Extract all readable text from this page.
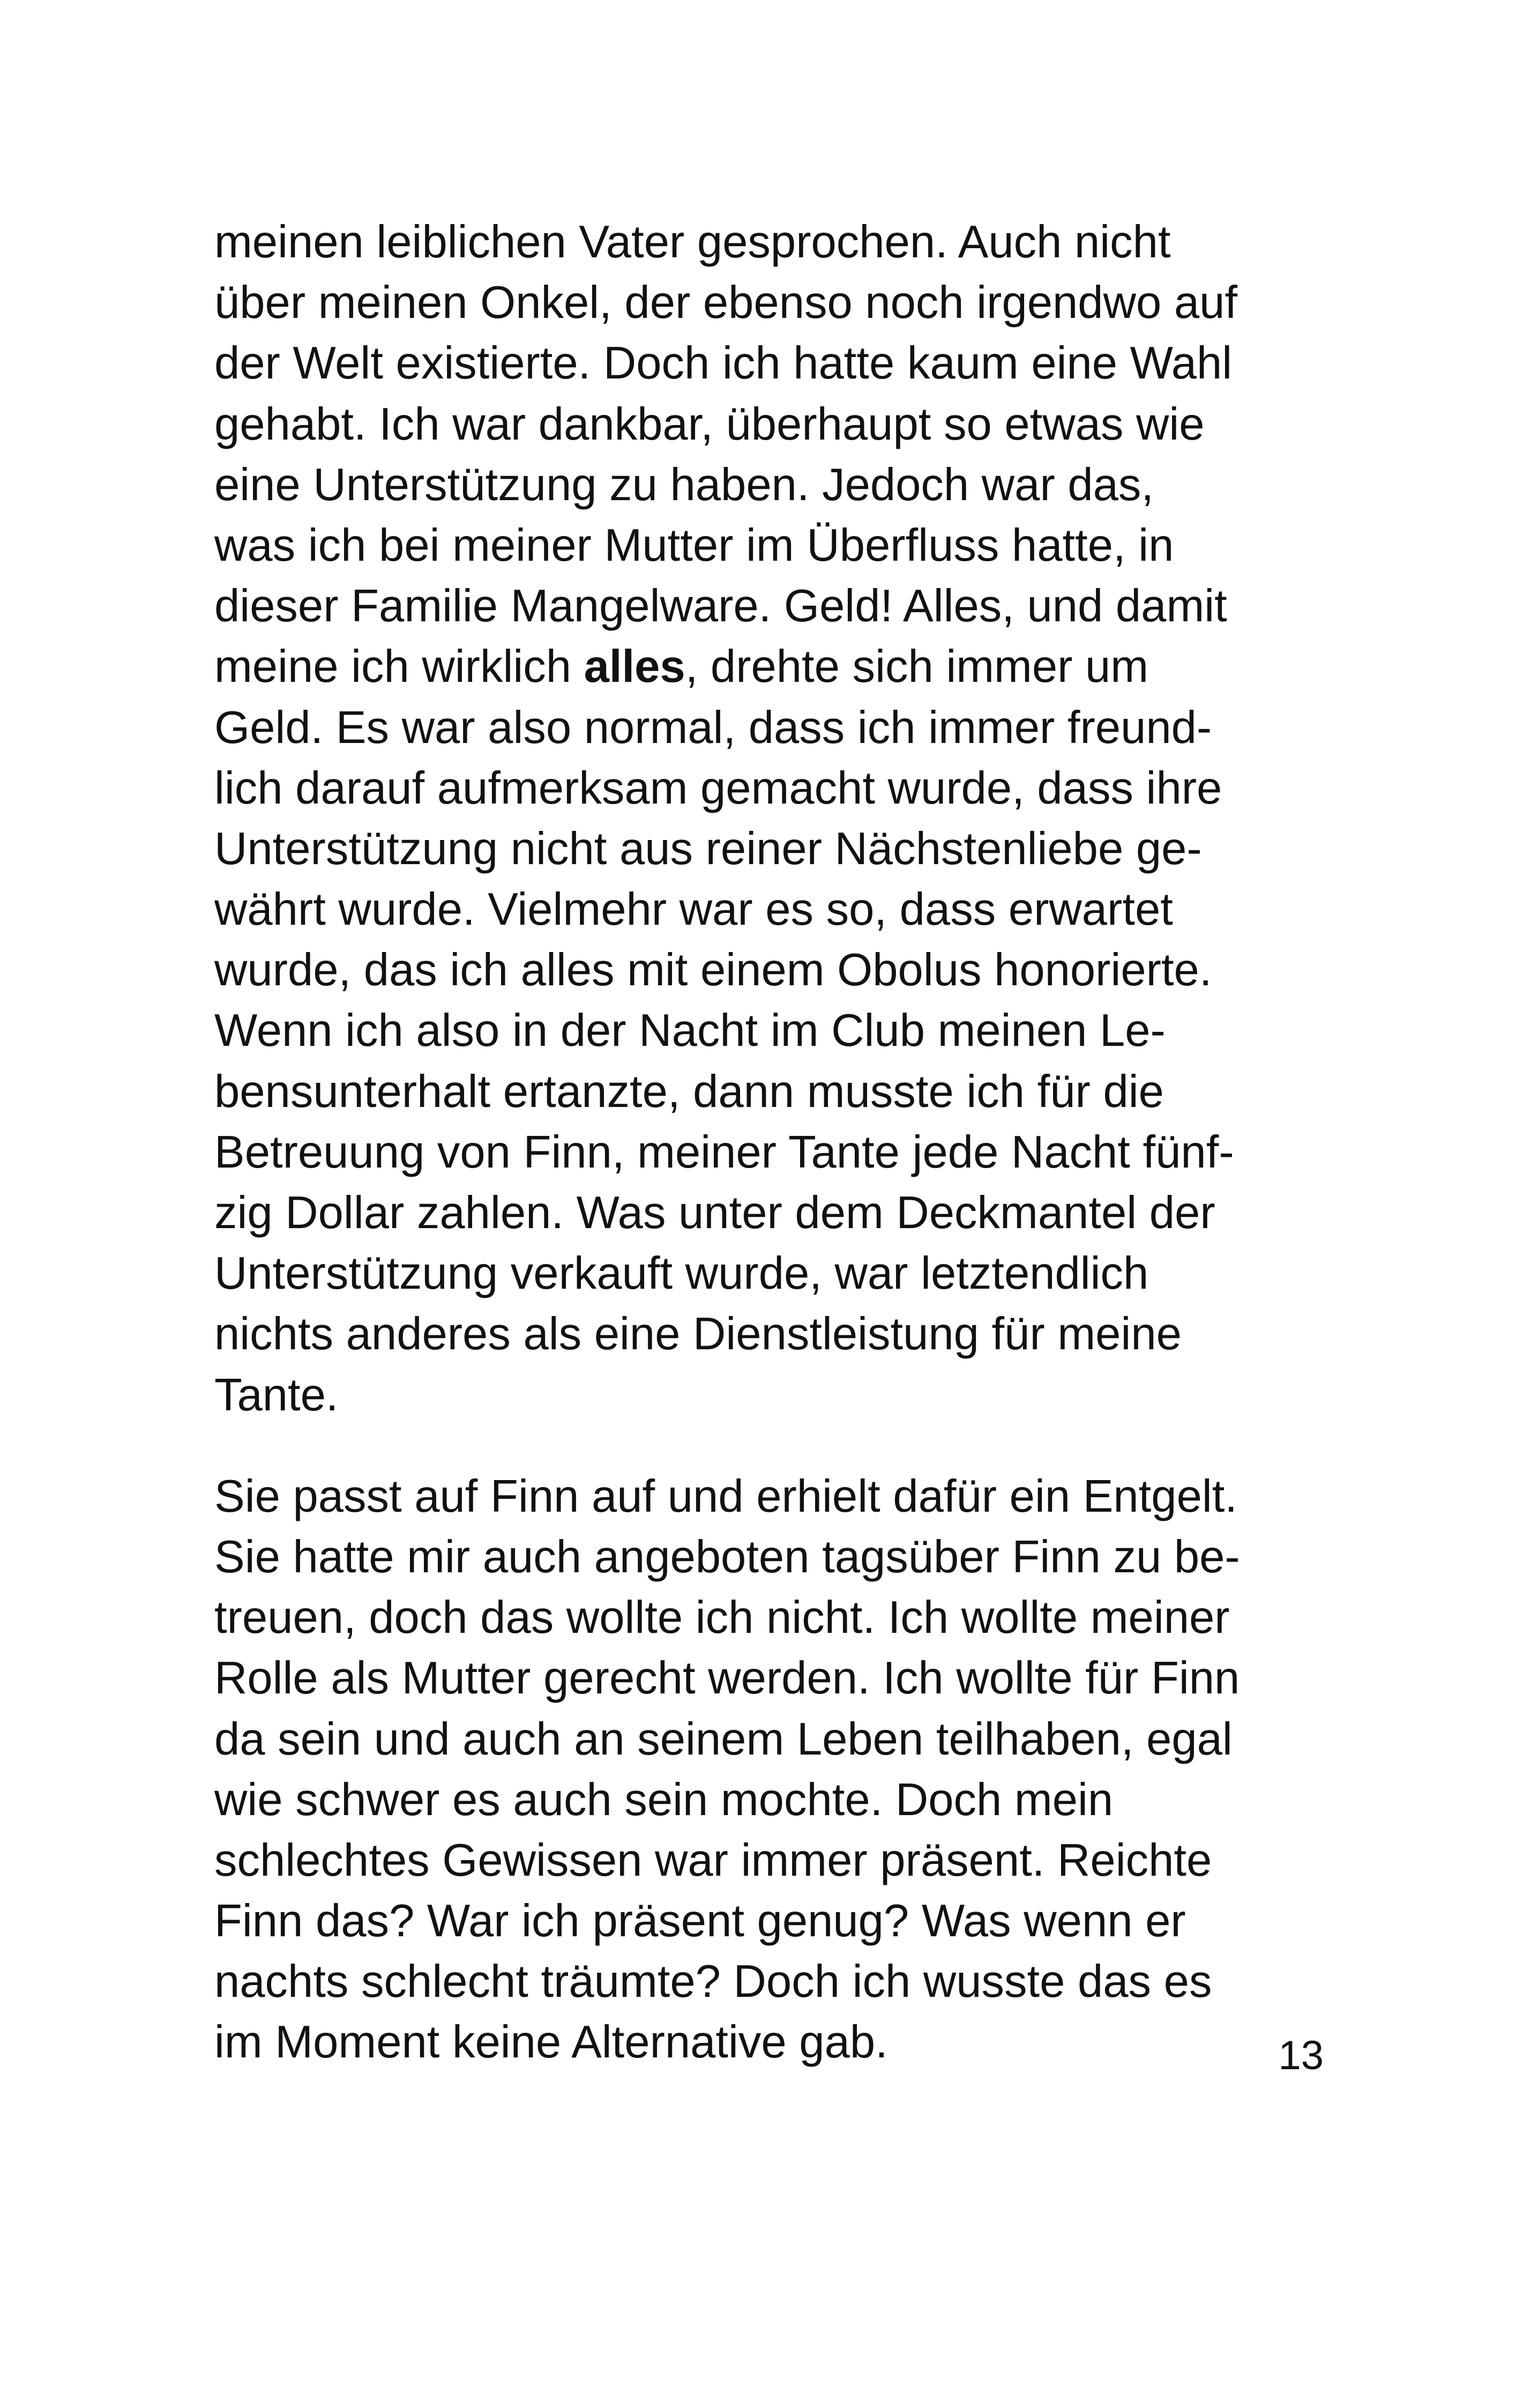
meinen leiblichen Vater gesprochen. Auch nicht
über meinen Onkel, der ebenso noch irgendwo auf
der Welt existierte. Doch ich hatte kaum eine Wahl
gehabt. Ich war dankbar, überhaupt so etwas wie
eine Unterstützung zu haben. Jedoch war das,
was ich bei meiner Mutter im Überfluss hatte, in
dieser Familie Mangelware. Geld! Alles, und damit
meine ich wirklich alles, drehte sich immer um
Geld. Es war also normal, dass ich immer freund-
lich darauf aufmerksam gemacht wurde, dass ihre
Unterstützung nicht aus reiner Nächstenliebe ge-
währt wurde. Vielmehr war es so, dass erwartet
wurde, das ich alles mit einem Obolus honorierte.
Wenn ich also in der Nacht im Club meinen Le-
bensunterhalt ertanzte, dann musste ich für die
Betreuung von Finn, meiner Tante jede Nacht fünf-
zig Dollar zahlen. Was unter dem Deckmantel der
Unterstützung verkauft wurde, war letztendlich
nichts anderes als eine Dienstleistung für meine
Tante.
Sie passt auf Finn auf und erhielt dafür ein Entgelt.
Sie hatte mir auch angeboten tagsüber Finn zu be-
treuen, doch das wollte ich nicht. Ich wollte meiner
Rolle als Mutter gerecht werden. Ich wollte für Finn
da sein und auch an seinem Leben teilhaben, egal
wie schwer es auch sein mochte. Doch mein
schlechtes Gewissen war immer präsent. Reichte
Finn das? War ich präsent genug? Was wenn er
nachts schlecht träumte? Doch ich wusste das es
im Moment keine Alternative gab.	13
